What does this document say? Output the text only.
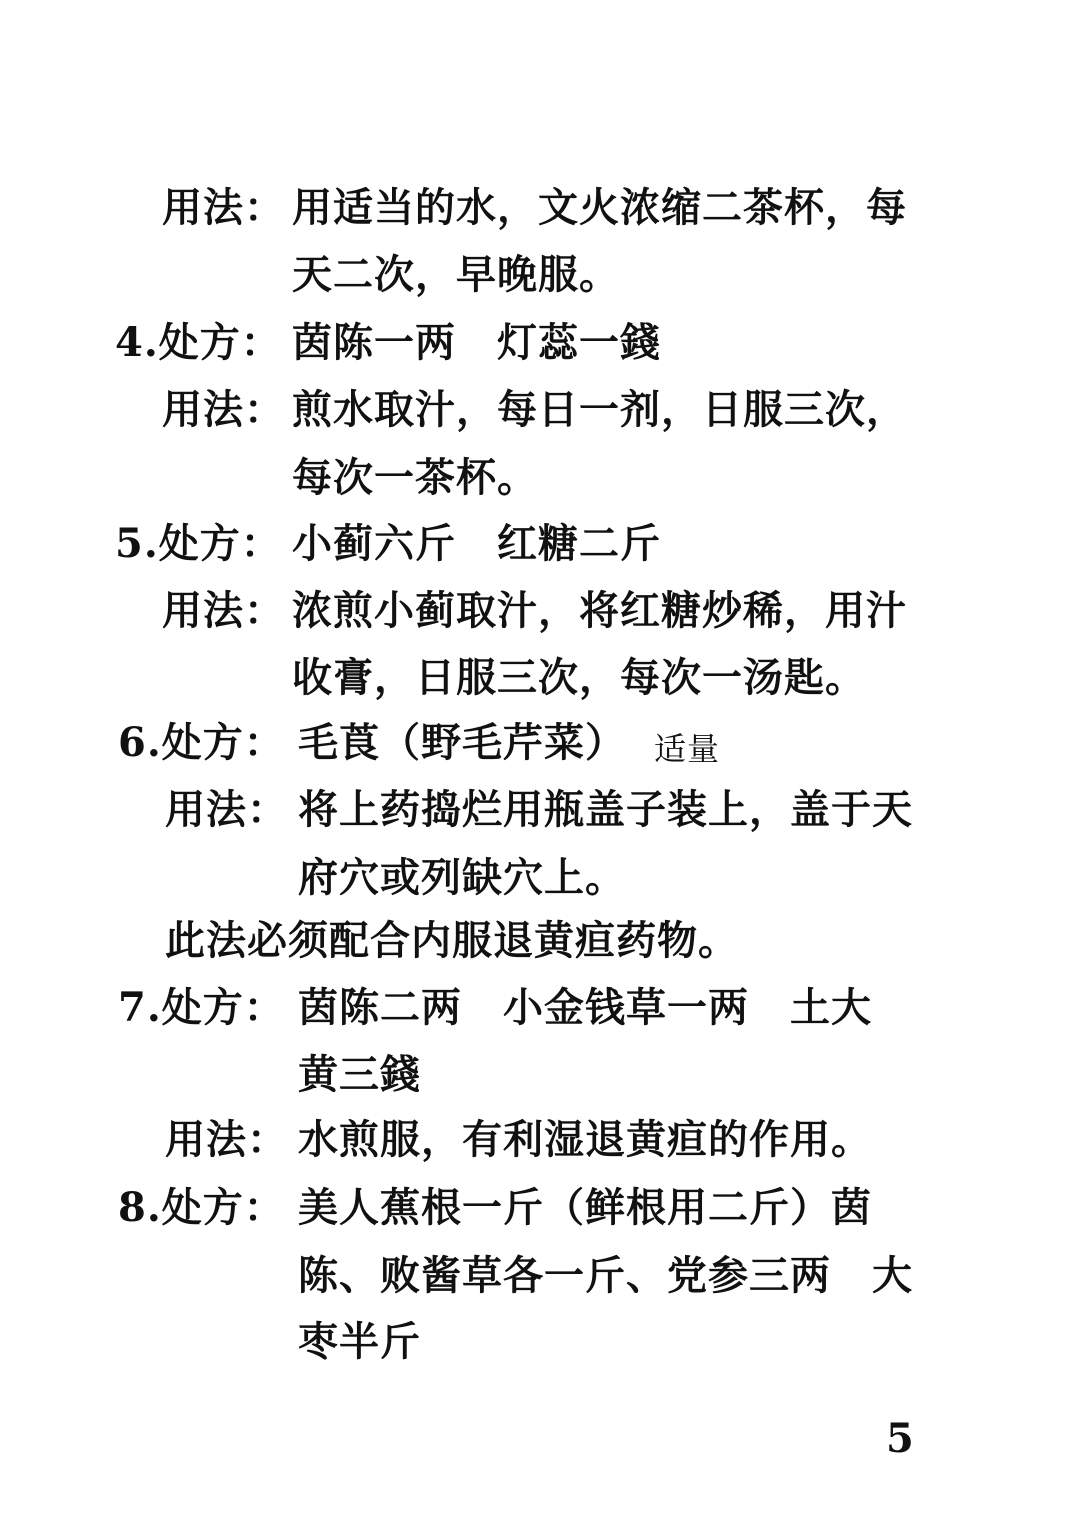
用法： 用适当的水，文火浓缩二茶杯，每
天二次，早晚服。
4.处方： 茵陈一两　灯蕊一錢
用法： 煎水取汁，每日一剂，日服三次，
每次一茶杯。
5.处方： 小蓟六斤　红糖二斤
用法： 浓煎小蓟取汁，将红糖炒稀，用汁
收膏，日服三次，每次一汤匙。
6.处方： 毛莨（野毛芹菜） 适量
用法： 将上药捣烂用瓶盖子装上，盖于天
府穴或列缺穴上。
此法必须配合内服退黄疸药物。
7.处方： 茵陈二两　小金钱草一两　土大
黄三錢
用法： 水煎服，有利湿退黄疸的作用。
8.处方： 美人蕉根一斤（鲜根用二斤）茵
陈、败酱草各一斤、党参三两　大
枣半斤
5
